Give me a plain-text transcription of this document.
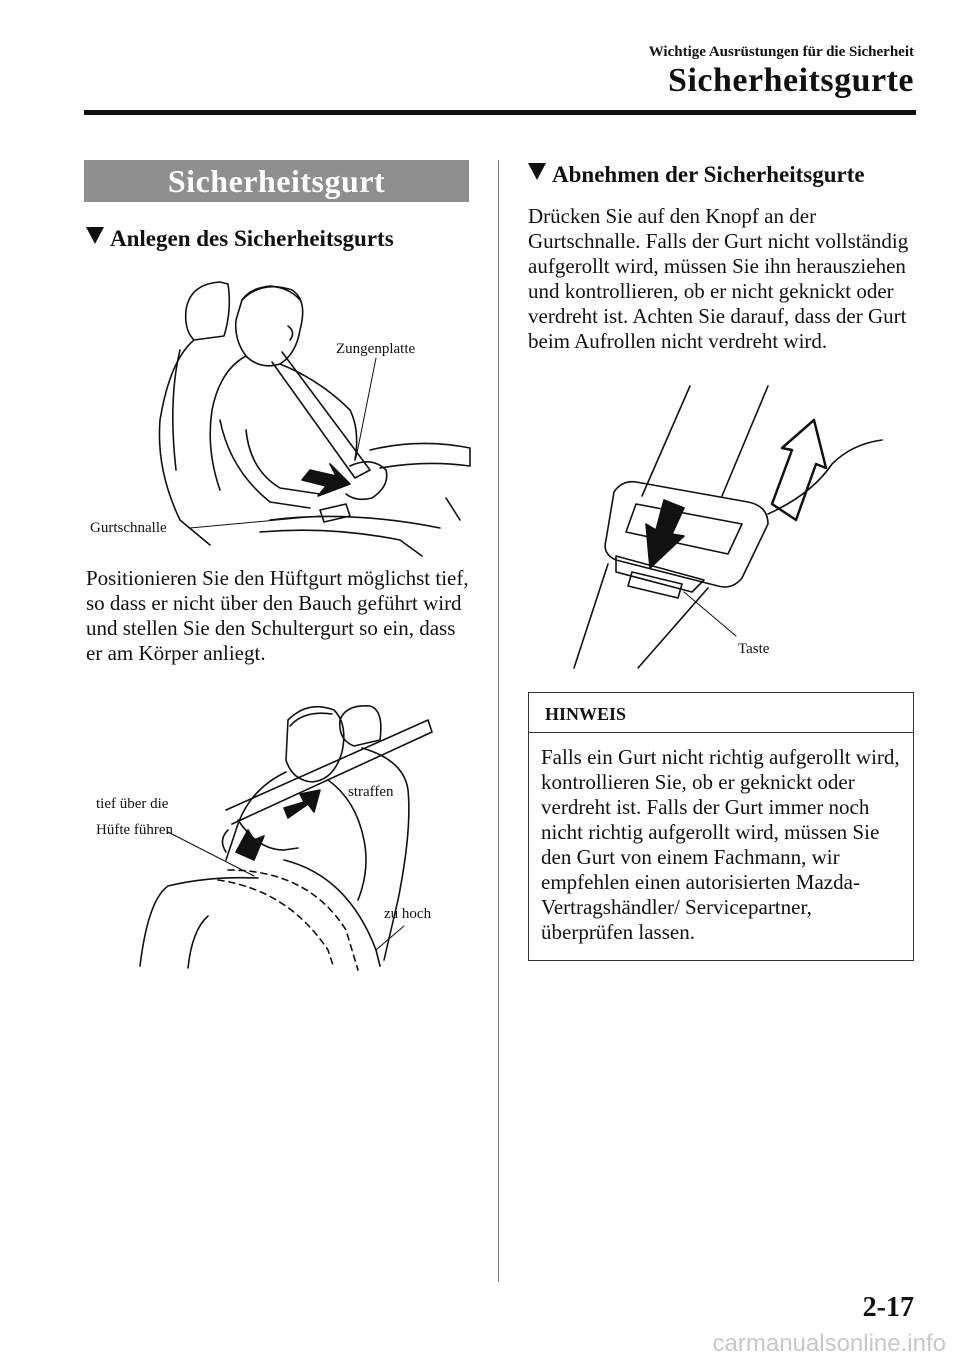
Wichtige Ausrüstungen für die Sicherheit
Sicherheitsgurte
Sicherheitsgurt
Anlegen des Sicherheitsgurts
Zungenplatte
Gurtschnalle
Positionieren Sie den Hüftgurt möglichst tief, so dass er nicht über den Bauch geführt wird und stellen Sie den Schultergurt so ein, dass er am Körper anliegt.
tief über die
Hüfte führen
straffen
zu hoch
Abnehmen der Sicherheitsgurte
Drücken Sie auf den Knopf an der Gurtschnalle. Falls der Gurt nicht vollständig aufgerollt wird, müssen Sie ihn herausziehen und kontrollieren, ob er nicht geknickt oder verdreht ist. Achten Sie darauf, dass der Gurt beim Aufrollen nicht verdreht wird.
Taste
HINWEIS
Falls ein Gurt nicht richtig aufgerollt wird, kontrollieren Sie, ob er geknickt oder verdreht ist. Falls der Gurt immer noch nicht richtig aufgerollt wird, müssen Sie den Gurt von einem Fachmann, wir empfehlen einen autorisierten Mazda-Vertragshändler/ Servicepartner, überprüfen lassen.
2-17
carmanualsonline.info
